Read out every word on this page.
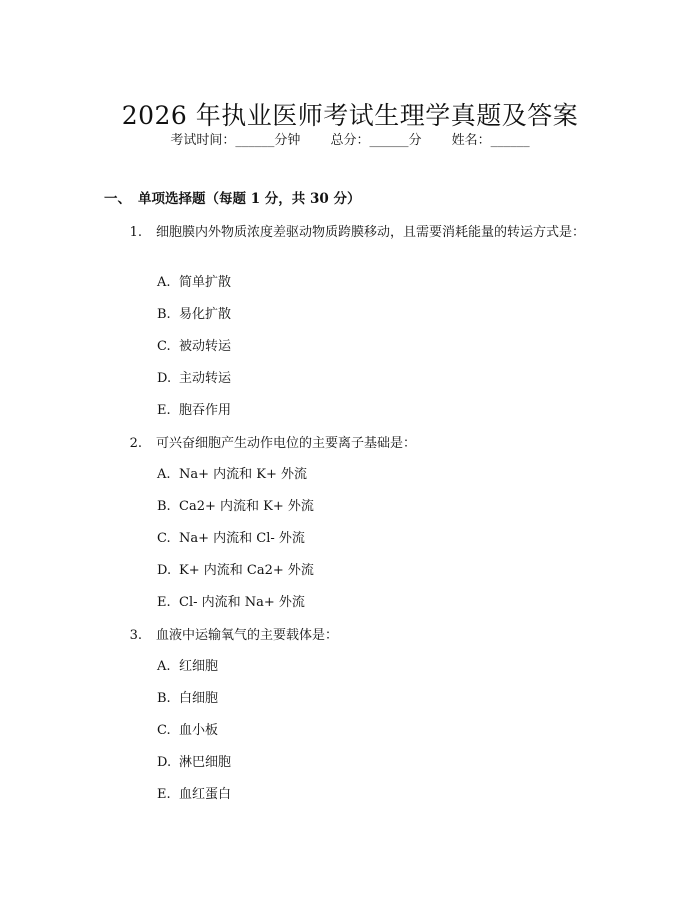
2026 年执业医师考试生理学真题及答案
考试时间：______分钟 总分：______分 姓名：______
一、 单项选择题（每题 1 分，共 30 分）
1. 细胞膜内外物质浓度差驱动物质跨膜移动，且需要消耗能量的转运方式是：
A. 简单扩散
B. 易化扩散
C. 被动转运
D. 主动转运
E. 胞吞作用
2. 可兴奋细胞产生动作电位的主要离子基础是：
A. Na+ 内流和 K+ 外流
B. Ca2+ 内流和 K+ 外流
C. Na+ 内流和 Cl- 外流
D. K+ 内流和 Ca2+ 外流
E. Cl- 内流和 Na+ 外流
3. 血液中运输氧气的主要载体是：
A. 红细胞
B. 白细胞
C. 血小板
D. 淋巴细胞
E. 血红蛋白
